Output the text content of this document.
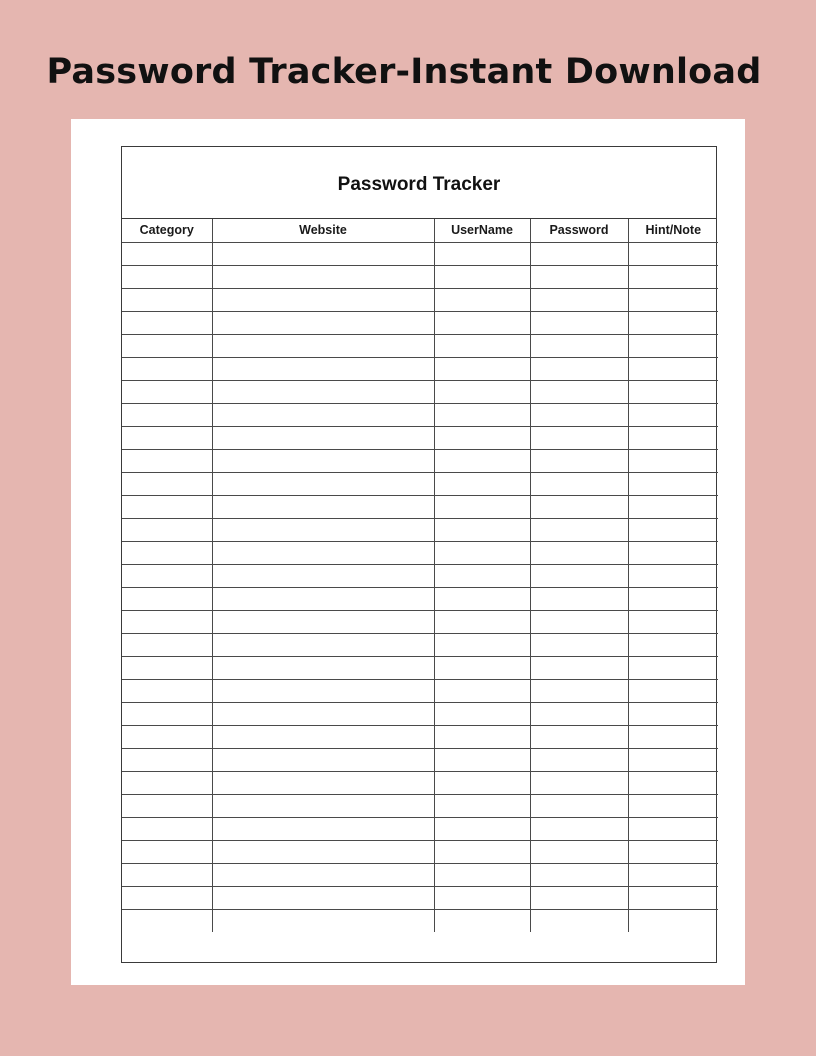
Password Tracker-Instant Download
Password Tracker
Category	Website	UserName	Password	Hint/Note
